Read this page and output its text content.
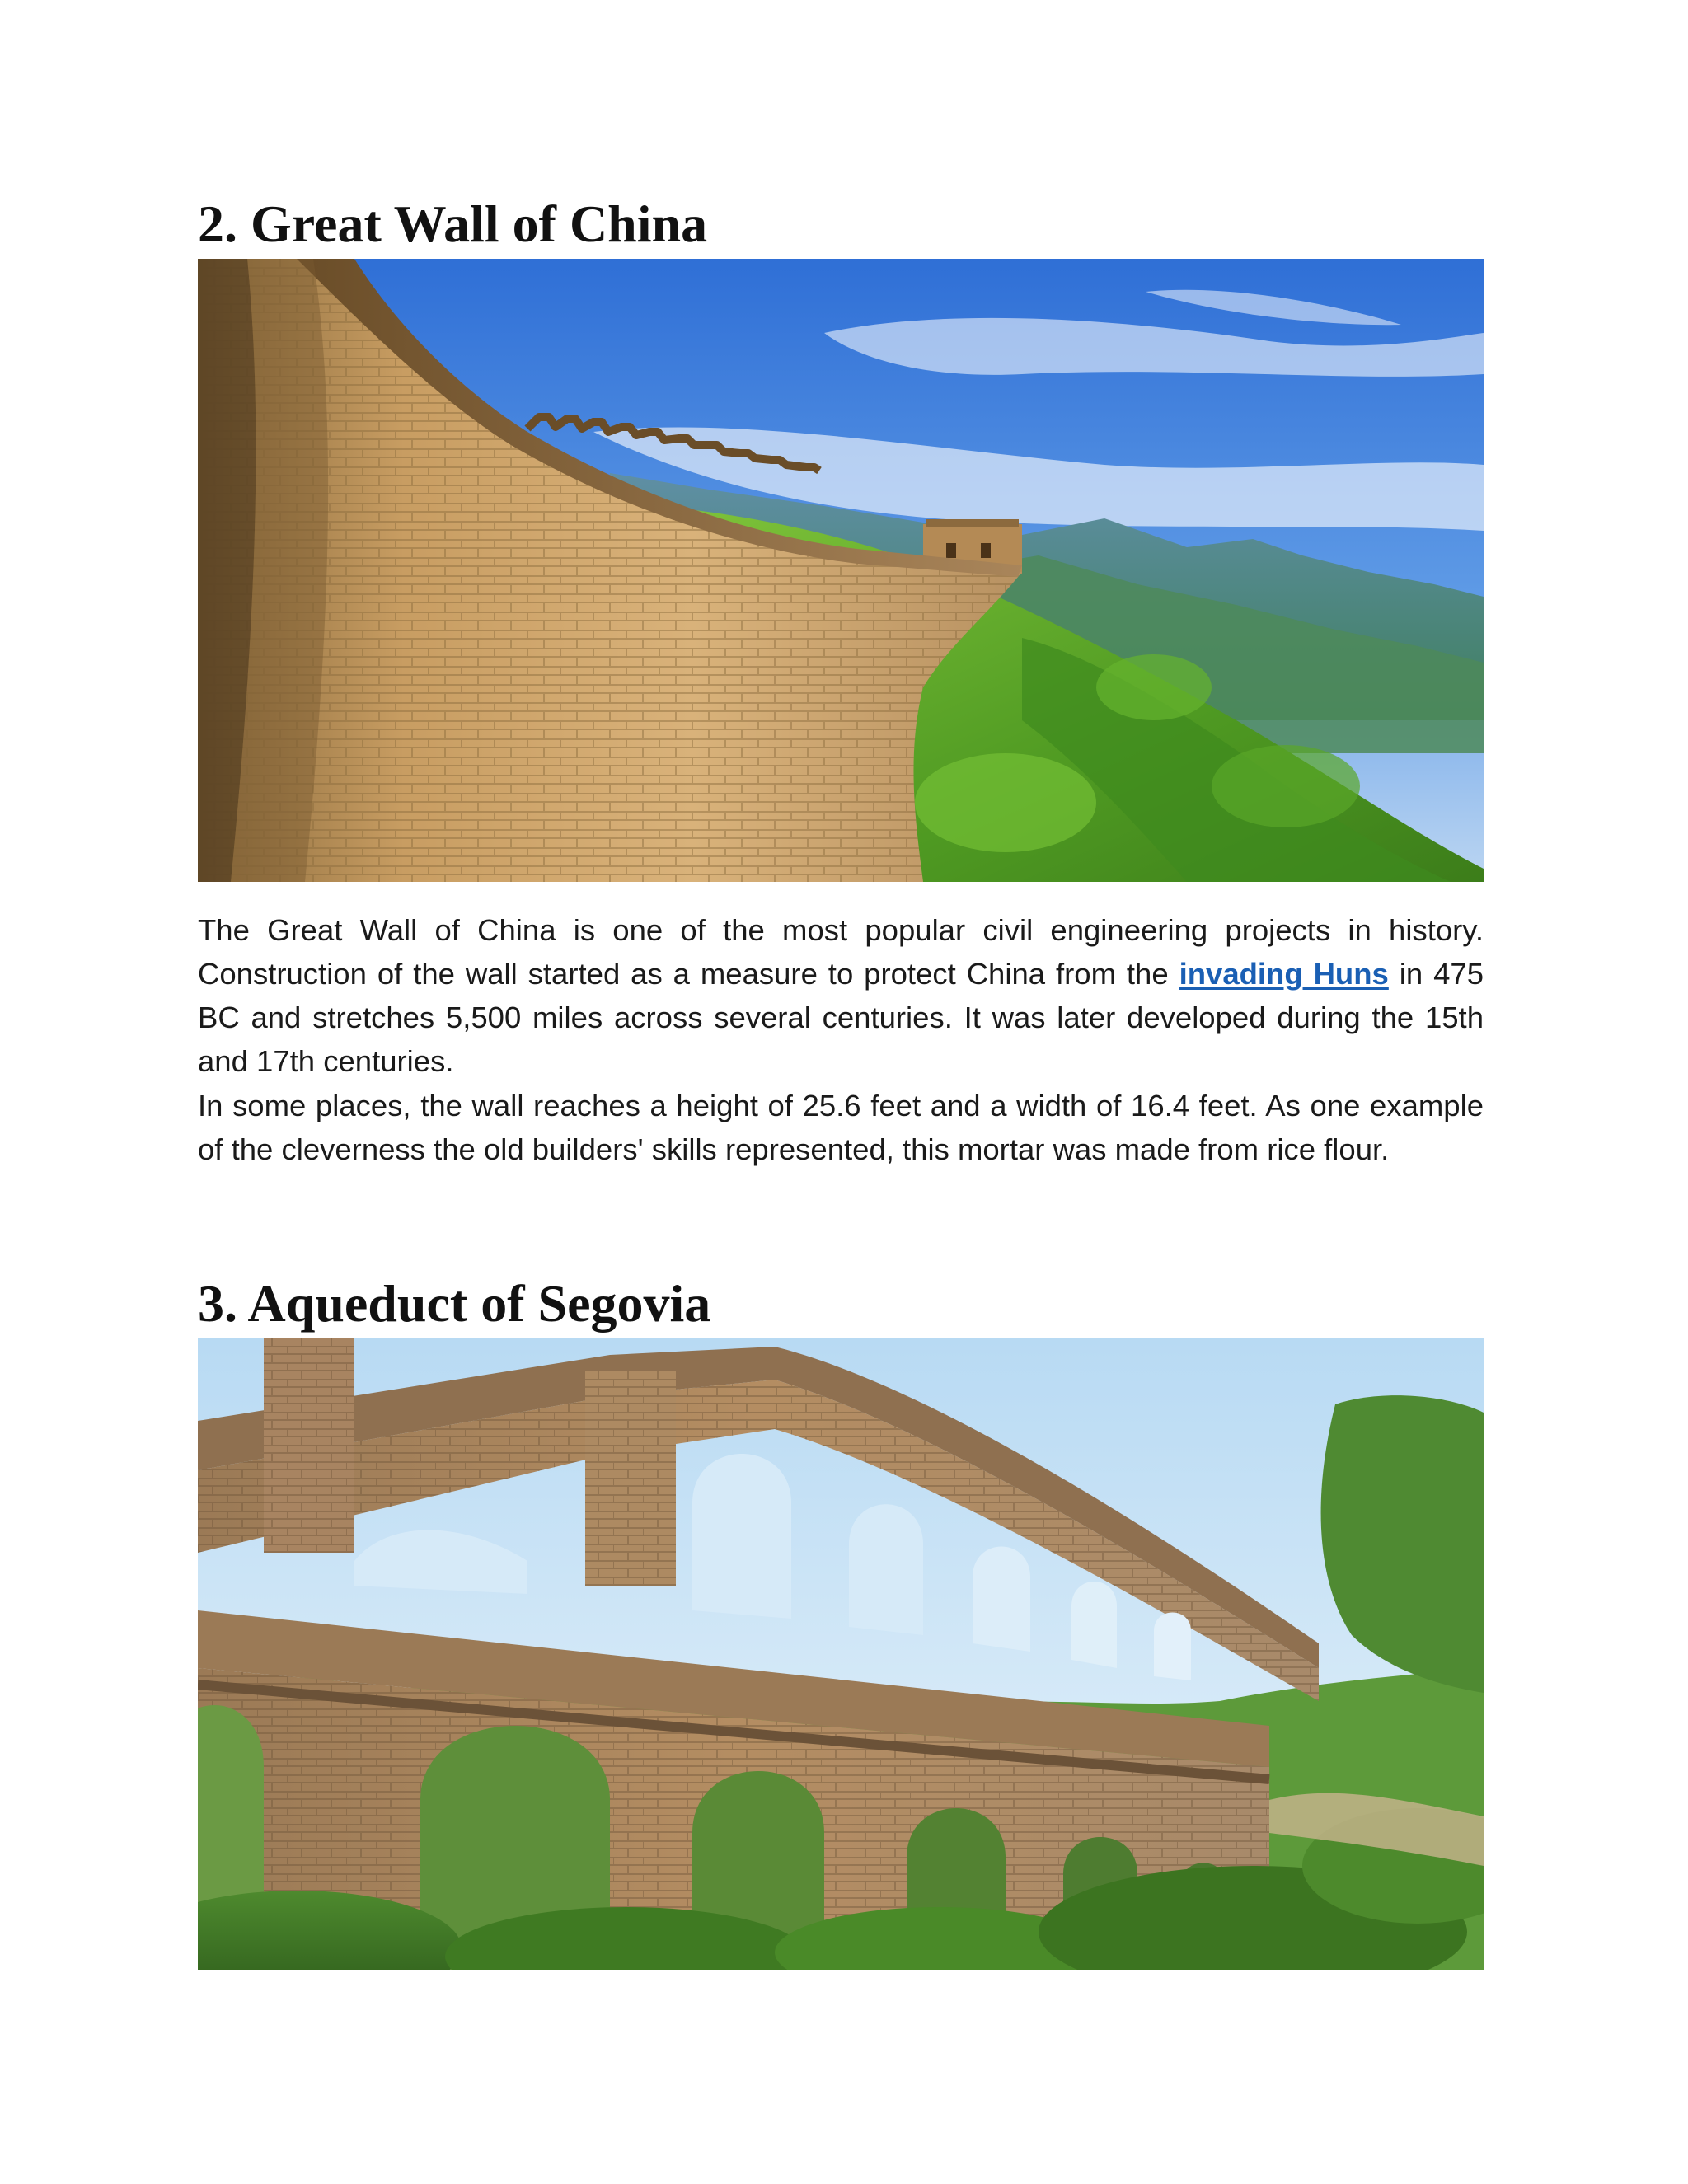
2. Great Wall of China

The Great Wall of China is one of the most popular civil engineering projects in history. Construction of the wall started as a measure to protect China from the invading Huns in 475 BC and stretches 5,500 miles across several centuries. It was later developed during the 15th and 17th centuries.

In some places, the wall reaches a height of 25.6 feet and a width of 16.4 feet. As one example of the cleverness the old builders' skills represented, this mortar was made from rice flour.

3. Aqueduct of Segovia
